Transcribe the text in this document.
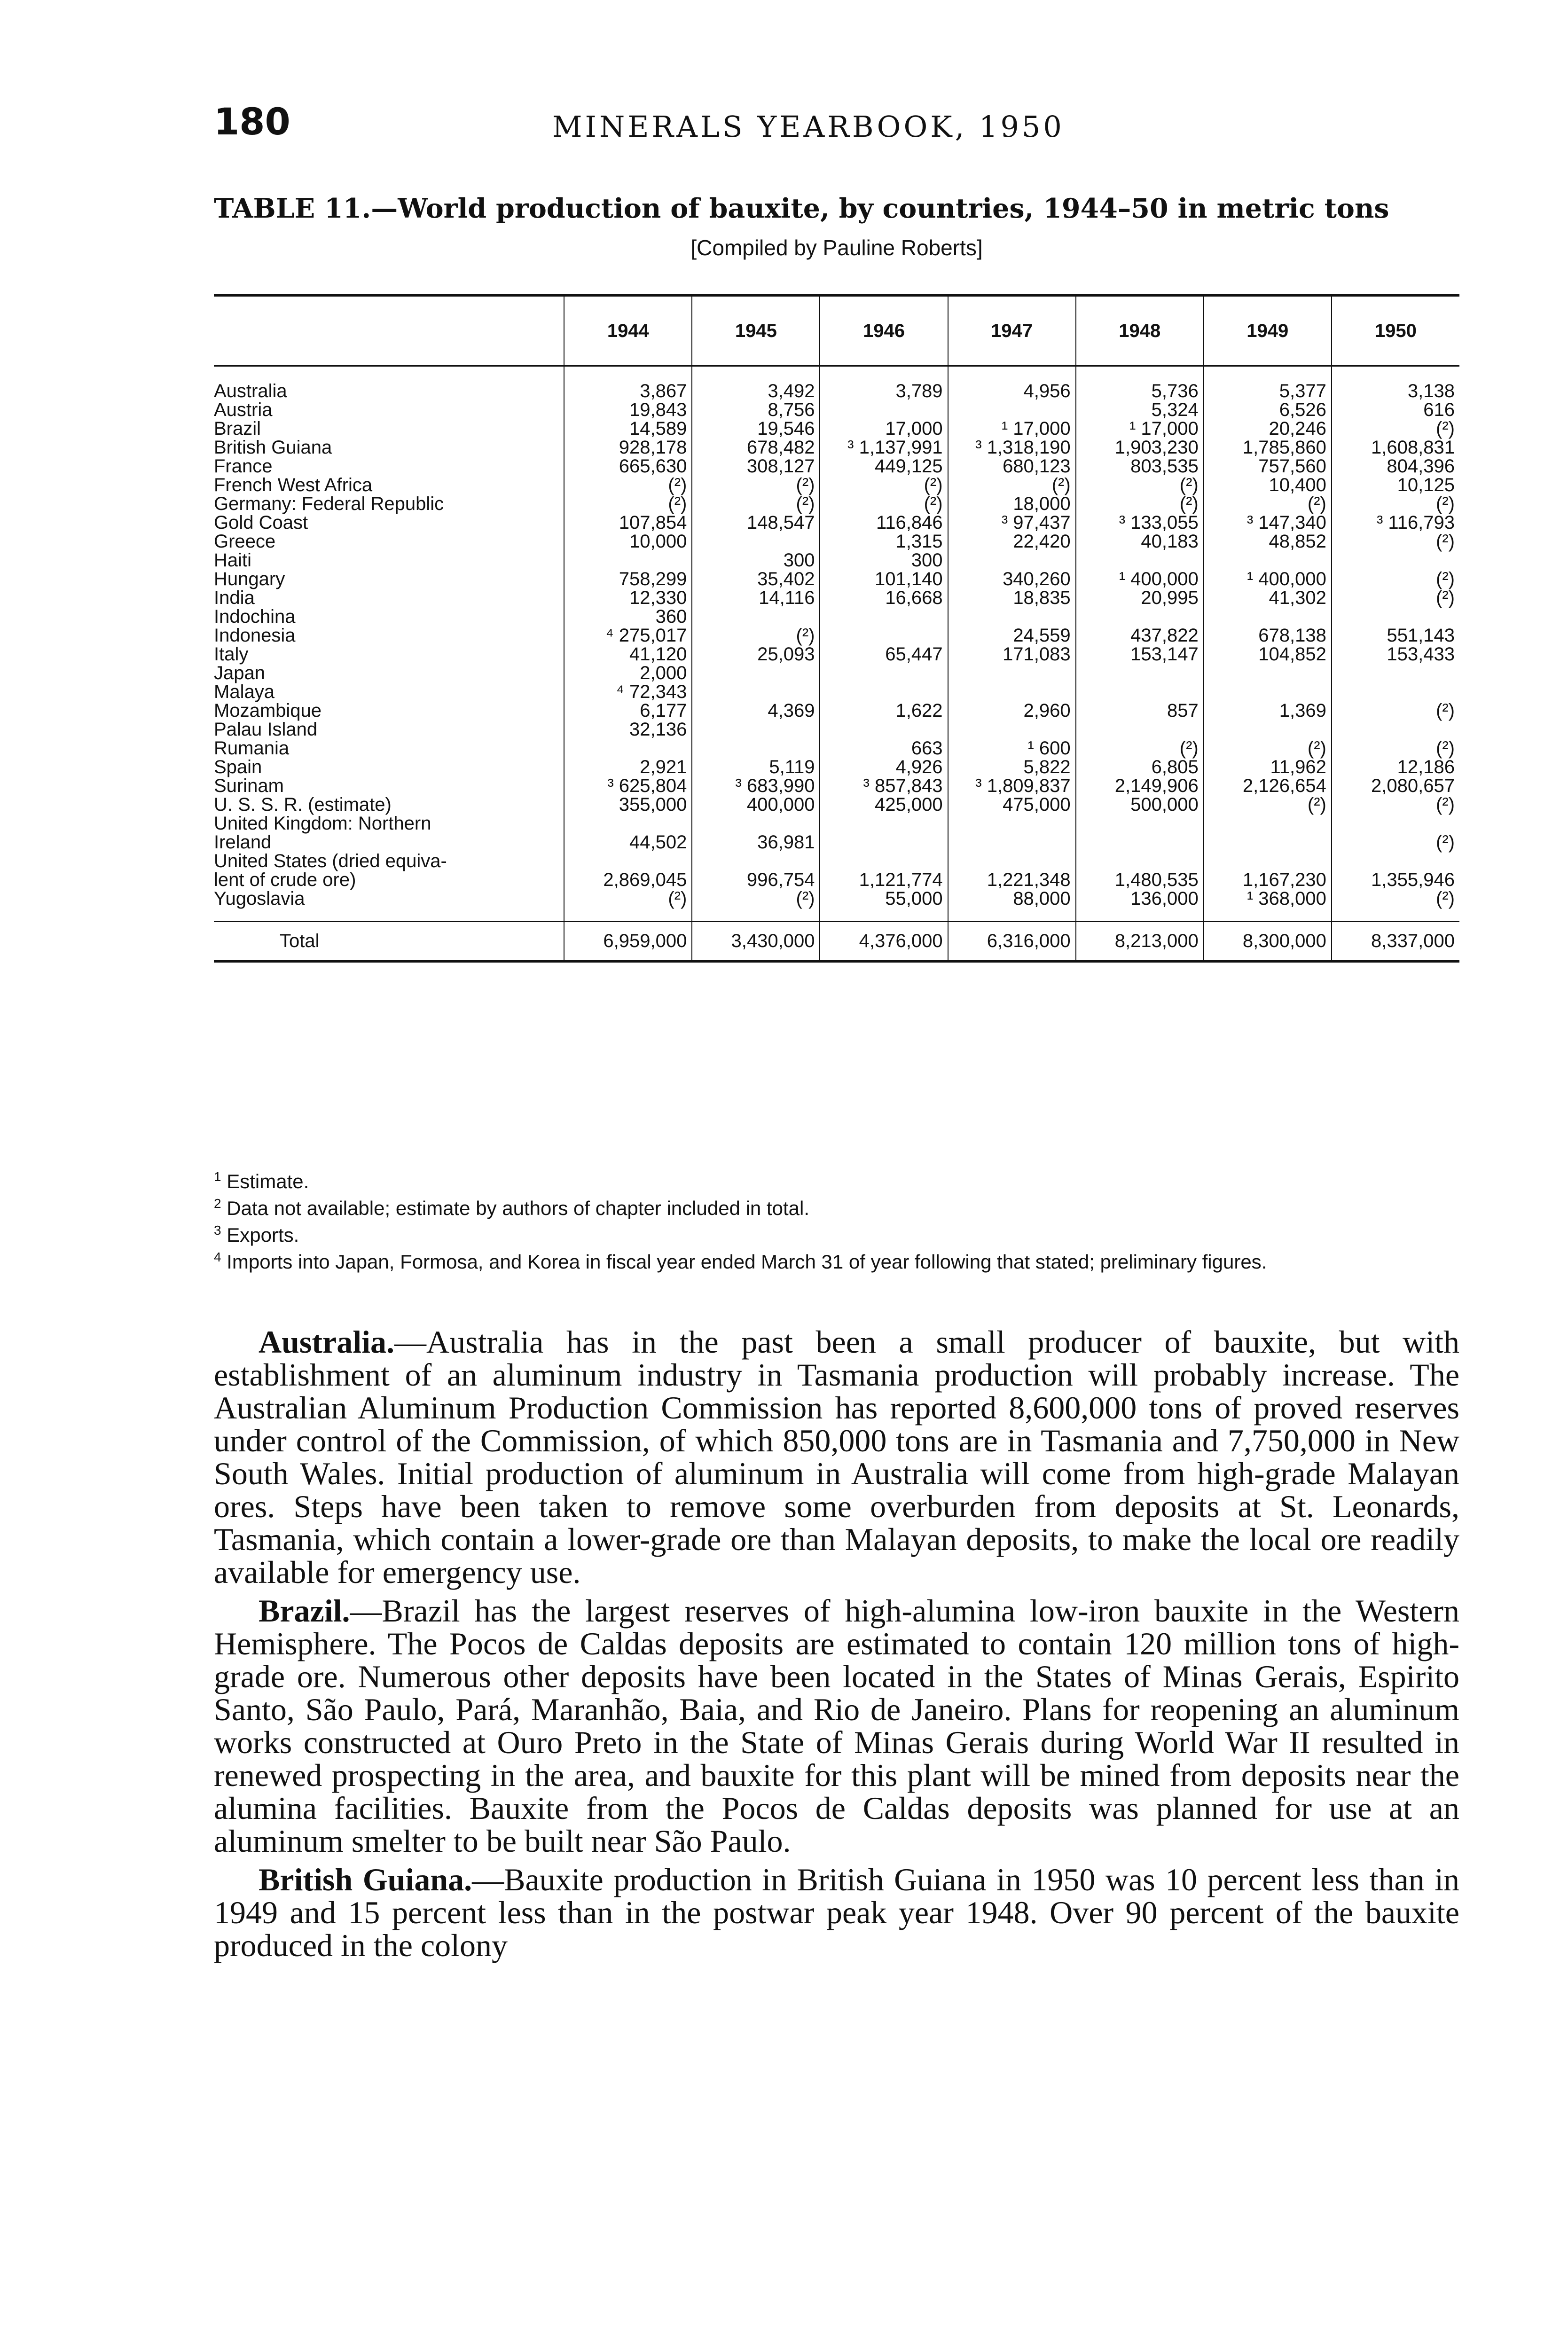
180	MINERALS YEARBOOK, 1950
TABLE 11.—World production of bauxite, by countries, 1944–50 in metric tons
[Compiled by Pauline Roberts]
	1944	1945	1946	1947	1948	1949	1950
Australia	3,867	3,492	3,789	4,956	5,736	5,377	3,138
Austria	19,843	8,756			5,324	6,526	616
Brazil	14,589	19,546	17,000	¹ 17,000	¹ 17,000	20,246	(²)
British Guiana	928,178	678,482	³ 1,137,991	³ 1,318,190	1,903,230	1,785,860	1,608,831
France	665,630	308,127	449,125	680,123	803,535	757,560	804,396
French West Africa	(²)	(²)	(²)	(²)	(²)	10,400	10,125
Germany: Federal Republic	(²)	(²)	(²)	18,000	(²)	(²)	(²)
Gold Coast	107,854	148,547	116,846	³ 97,437	³ 133,055	³ 147,340	³ 116,793
Greece	10,000		1,315	22,420	40,183	48,852	(²)
Haiti		300	300				
Hungary	758,299	35,402	101,140	340,260	¹ 400,000	¹ 400,000	(²)
India	12,330	14,116	16,668	18,835	20,995	41,302	(²)
Indochina	360						
Indonesia	⁴ 275,017	(²)		24,559	437,822	678,138	551,143
Italy	41,120	25,093	65,447	171,083	153,147	104,852	153,433
Japan	2,000						
Malaya	⁴ 72,343						
Mozambique	6,177	4,369	1,622	2,960	857	1,369	(²)
Palau Island	32,136						
Rumania			663	¹ 600	(²)	(²)	(²)
Spain	2,921	5,119	4,926	5,822	6,805	11,962	12,186
Surinam	³ 625,804	³ 683,990	³ 857,843	³ 1,809,837	2,149,906	2,126,654	2,080,657
U. S. S. R. (estimate)	355,000	400,000	425,000	475,000	500,000	(²)	(²)
United Kingdom: Northern							
Ireland	44,502	36,981					(²)
United States (dried equiva-							
lent of crude ore)	2,869,045	996,754	1,121,774	1,221,348	1,480,535	1,167,230	1,355,946
Yugoslavia	(²)	(²)	55,000	88,000	136,000	¹ 368,000	(²)
Total	6,959,000	3,430,000	4,376,000	6,316,000	8,213,000	8,300,000	8,337,000

$^1$ Estimate.

$^2$ Data not available; estimate by authors of chapter included in total.

$^3$ Exports.

$^4$ Imports into Japan, Formosa, and Korea in fiscal year ended March 31 of year following that stated; preliminary figures.

Australia.—Australia has in the past been a small producer of bauxite, but with establishment of an aluminum industry in Tasmania production will probably increase. The Australian Aluminum Production Commission has reported 8,600,000 tons of proved reserves under control of the Commission, of which 850,000 tons are in Tasmania and 7,750,000 in New South Wales. Initial production of aluminum in Australia will come from high-grade Malayan ores. Steps have been taken to remove some overburden from deposits at St. Leonards, Tasmania, which contain a lower-grade ore than Malayan deposits, to make the local ore readily available for emergency use.

Brazil.—Brazil has the largest reserves of high-alumina low-iron bauxite in the Western Hemisphere. The Pocos de Caldas deposits are estimated to contain 120 million tons of high-grade ore. Numerous other deposits have been located in the States of Minas Gerais, Espirito Santo, São Paulo, Pará, Maranhão, Baia, and Rio de Janeiro. Plans for reopening an aluminum works constructed at Ouro Preto in the State of Minas Gerais during World War II resulted in renewed prospecting in the area, and bauxite for this plant will be mined from deposits near the alumina facilities. Bauxite from the Pocos de Caldas deposits was planned for use at an aluminum smelter to be built near São Paulo.

British Guiana.—Bauxite production in British Guiana in 1950 was 10 percent less than in 1949 and 15 percent less than in the postwar peak year 1948. Over 90 percent of the bauxite produced in the colony
